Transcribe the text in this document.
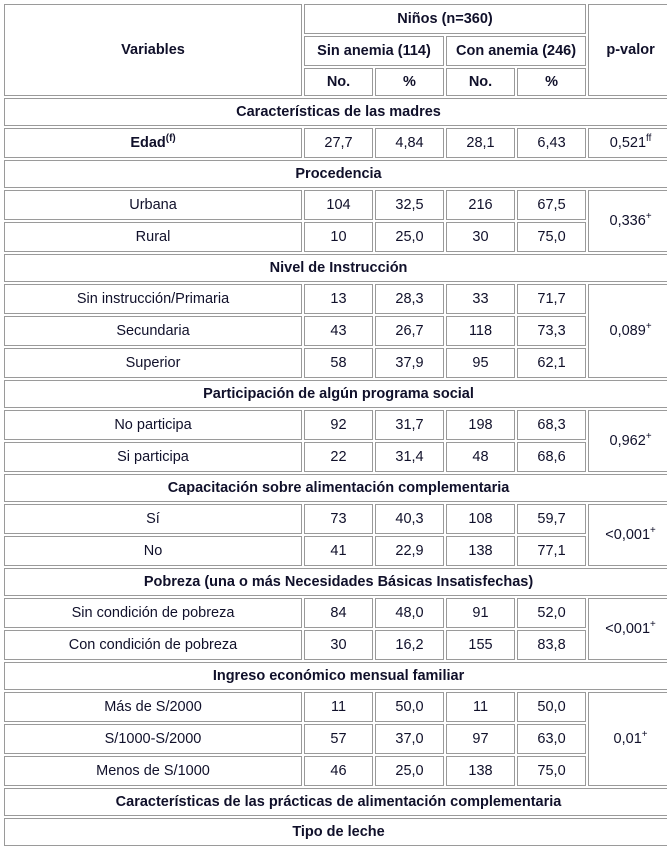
Variables	Niños (n=360)				p-valor
	Sin anemia (114)		Con anemia (246)		
	No.	%	No.	%	
Características de las madres					
Edad$^{(f)}$	27,7	4,84	28,1	6,43	0,521$^{ff}$
Procedencia					
Urbana	104	32,5	216	67,5	0,336+
Rural	10	25,0	30	75,0	
Nivel de Instrucción					
Sin instrucción/Primaria	13	28,3	33	71,7	0,089+
Secundaria	43	26,7	118	73,3	
Superior	58	37,9	95	62,1	
Participación de algún programa social					
No participa	92	31,7	198	68,3	0,962+
Si participa	22	31,4	48	68,6	
Capacitación sobre alimentación complementaria					
Sí	73	40,3	108	59,7	<0,001+
No	41	22,9	138	77,1	
Pobreza (una o más Necesidades Básicas Insatisfechas)					
Sin condición de pobreza	84	48,0	91	52,0	<0,001+
Con condición de pobreza	30	16,2	155	83,8	
Ingreso económico mensual familiar					
Más de S/2000	11	50,0	11	50,0	0,01+
S/1000-S/2000	57	37,0	97	63,0	
Menos de S/1000	46	25,0	138	75,0	
Características de las prácticas de alimentación complementaria					
Tipo de leche					
